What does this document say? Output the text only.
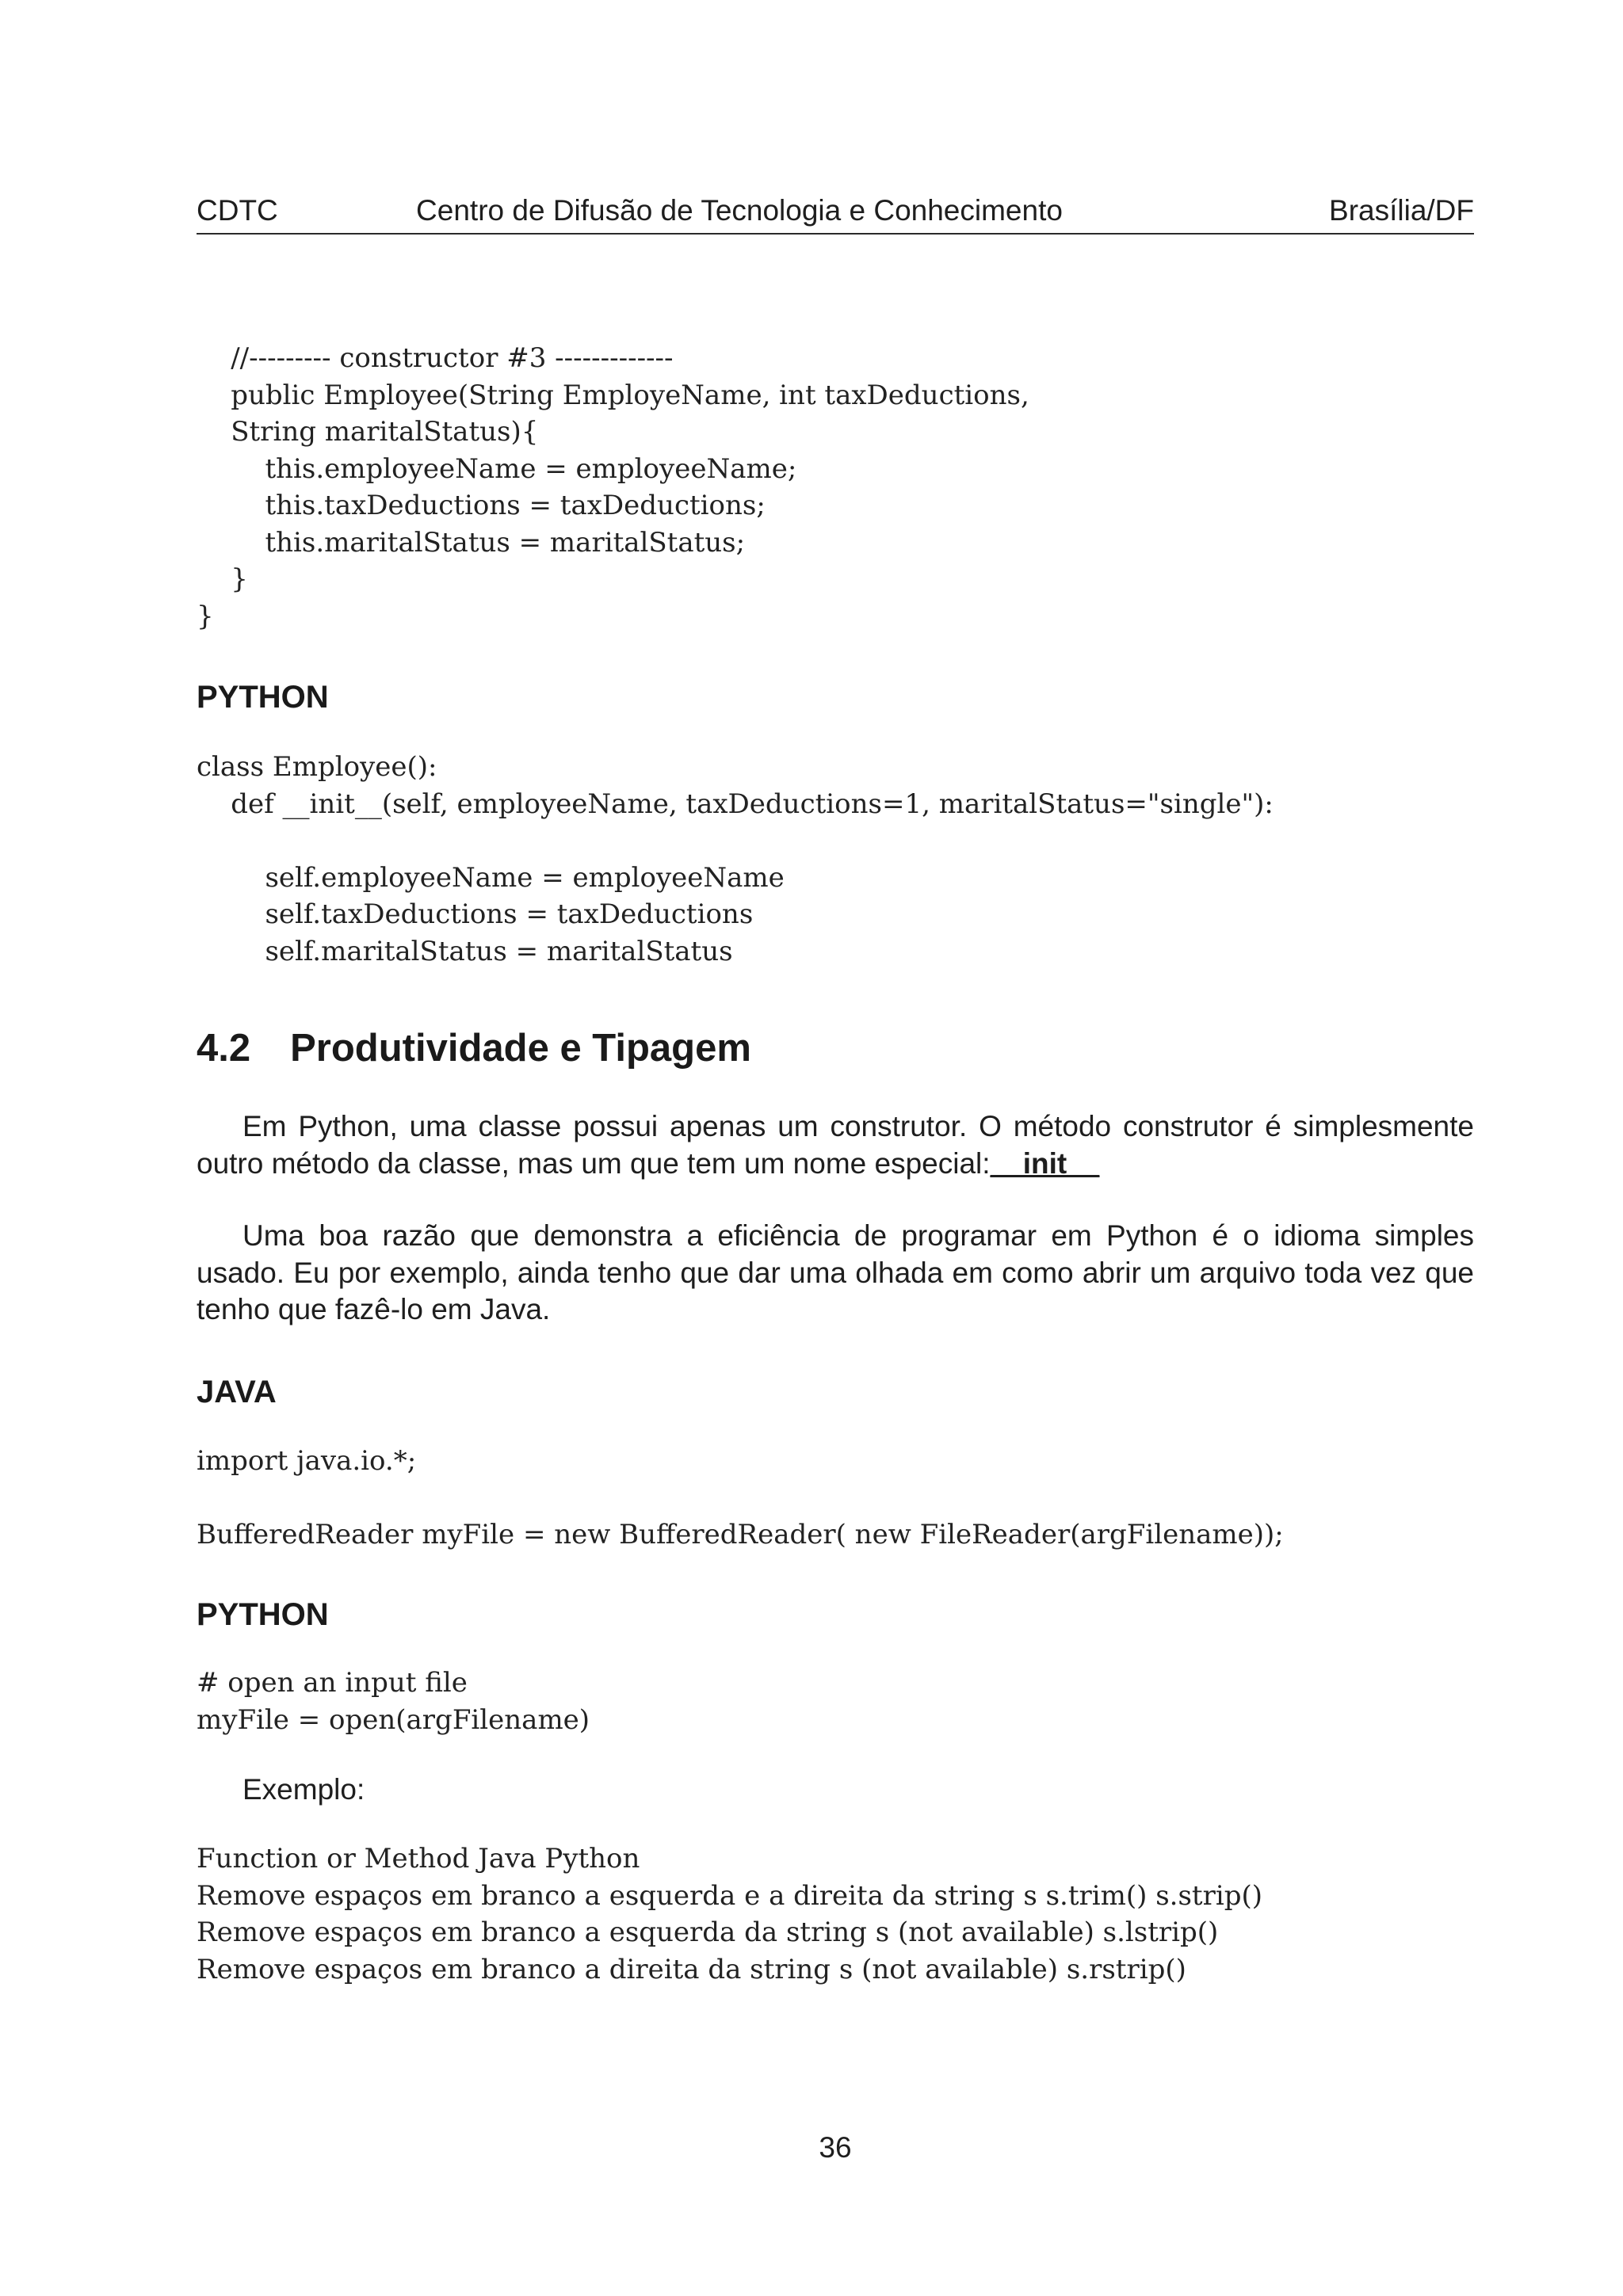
CDTC	Centro de Difusão de Tecnologia e Conhecimento	Brasília/DF
//--------- constructor #3 -------------
public Employee(String EmployeName, int taxDeductions,
String maritalStatus){
this.employeeName = employeeName;
this.taxDeductions = taxDeductions;
this.maritalStatus = maritalStatus;
}
}
PYTHON
class Employee():
def __init__(self, employeeName, taxDeductions=1, maritalStatus="single"):

self.employeeName = employeeName
self.taxDeductions = taxDeductions
self.maritalStatus = maritalStatus
4.2 Produtividade e Tipagem
Em Python, uma classe possui apenas um construtor. O método construtor é simplesmente outro método da classe, mas um que tem um nome especial:__init__
Uma boa razão que demonstra a eficiência de programar em Python é o idioma simples usado. Eu por exemplo, ainda tenho que dar uma olhada em como abrir um arquivo toda vez que tenho que fazê-lo em Java.
JAVA
import java.io.*;

BufferedReader myFile = new BufferedReader( new FileReader(argFilename));
PYTHON
# open an input file
myFile = open(argFilename)
Exemplo:
Function or Method Java Python
Remove espaços em branco a esquerda e a direita da string s s.trim() s.strip()
Remove espaços em branco a esquerda da string s (not available) s.lstrip()
Remove espaços em branco a direita da string s (not available) s.rstrip()
36
